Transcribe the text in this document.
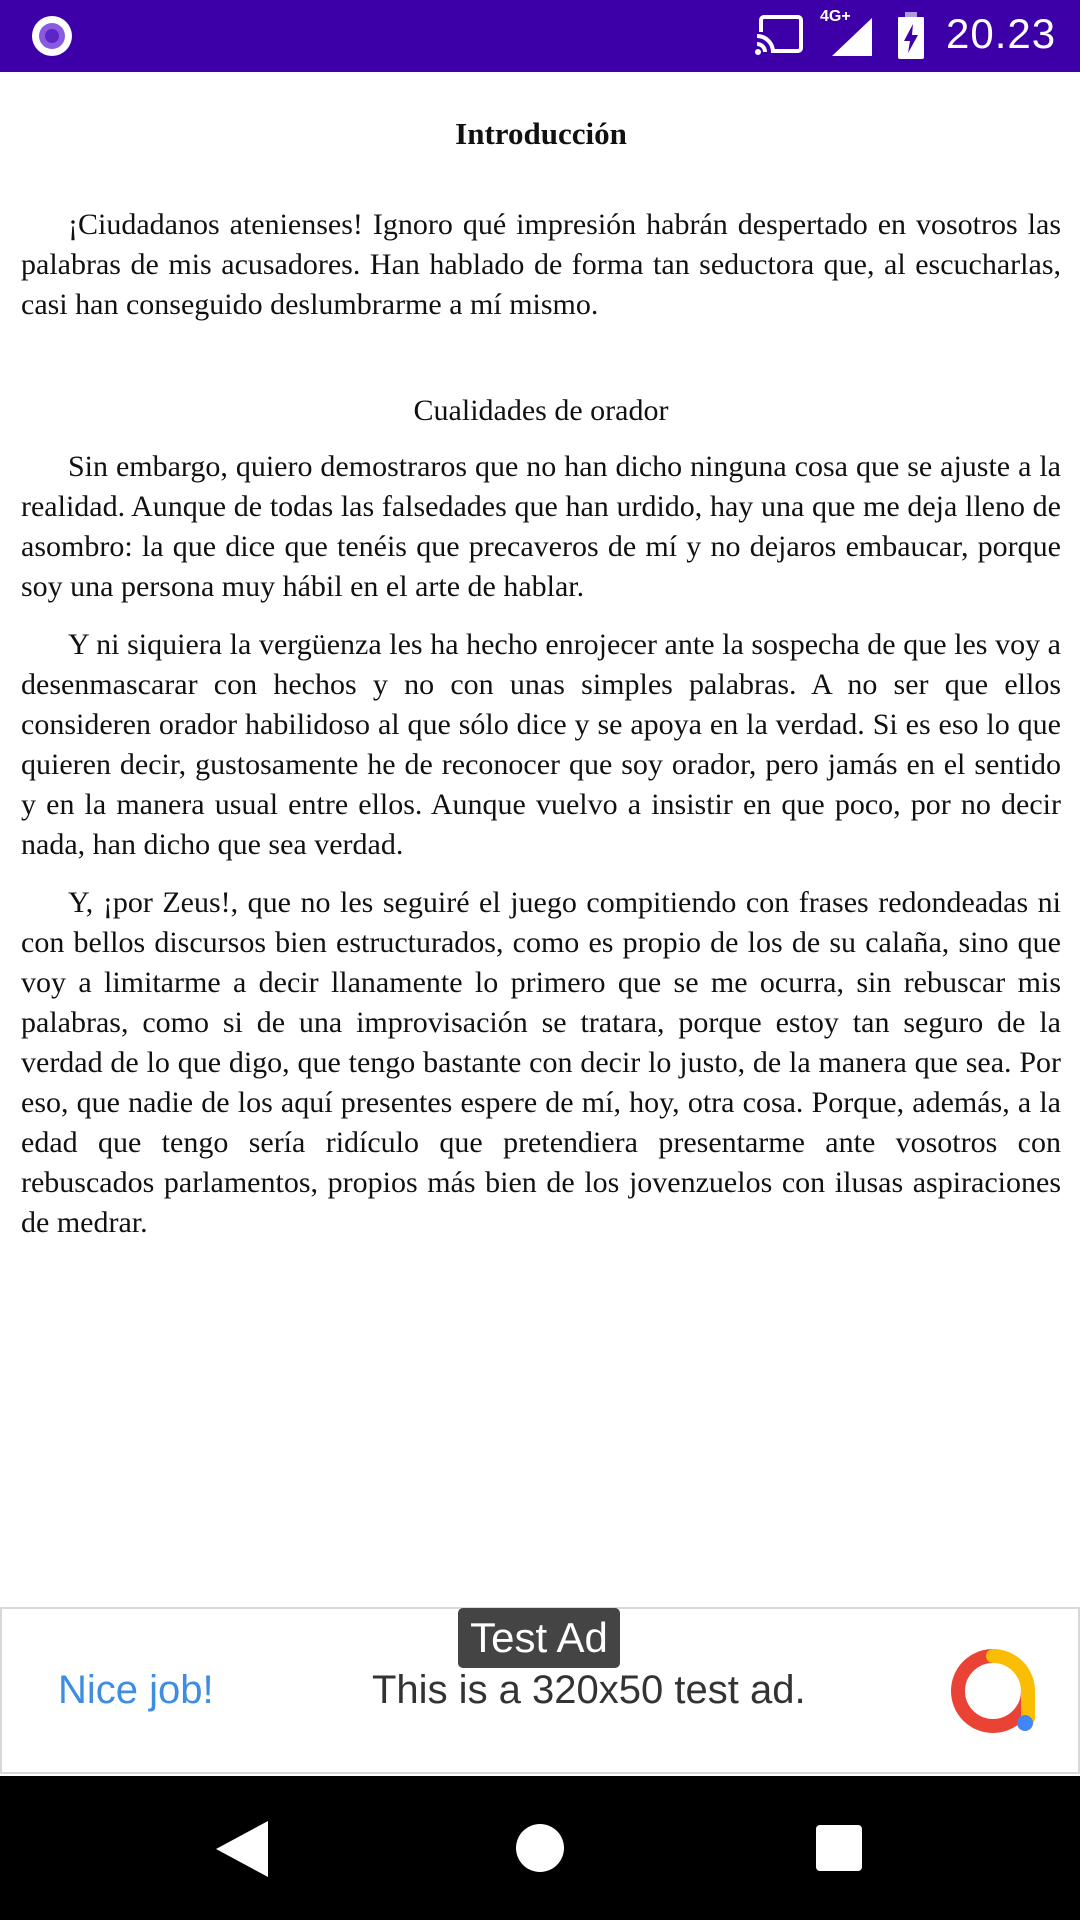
4G+ 20.23
Introducción

¡Ciudadanos atenienses! Ignoro qué impresión habrán despertado en vosotros las palabras de mis acusadores. Han hablado de forma tan seductora que, al escucharlas, casi han conseguido deslumbrarme a mí mismo.

Cualidades de orador

Sin embargo, quiero demostraros que no han dicho ninguna cosa que se ajuste a la realidad. Aunque de todas las falsedades que han urdido, hay una que me deja lleno de asombro: la que dice que tenéis que precaveros de mí y no dejaros embaucar, porque soy una persona muy hábil en el arte de hablar.

Y ni siquiera la vergüenza les ha hecho enrojecer ante la sospecha de que les voy a desenmascarar con hechos y no con unas simples palabras. A no ser que ellos consideren orador habilidoso al que sólo dice y se apoya en la verdad. Si es eso lo que quieren decir, gustosamente he de reconocer que soy orador, pero jamás en el sentido y en la manera usual entre ellos. Aunque vuelvo a insistir en que poco, por no decir nada, han dicho que sea verdad.

Y, ¡por Zeus!, que no les seguiré el juego compitiendo con frases redondeadas ni con bellos discursos bien estructurados, como es propio de los de su calaña, sino que voy a limitarme a decir llanamente lo primero que se me ocurra, sin rebuscar mis palabras, como si de una improvisación se tratara, porque estoy tan seguro de la verdad de lo que digo, que tengo bastante con decir lo justo, de la manera que sea. Por eso, que nadie de los aquí presentes espere de mí, hoy, otra cosa. Porque, además, a la edad que tengo sería ridículo que pretendiera presentarme ante vosotros con rebuscados parlamentos, propios más bien de los jovenzuelos con ilusas aspiraciones de medrar.

Test Ad
Nice job!	This is a 320x50 test ad.
